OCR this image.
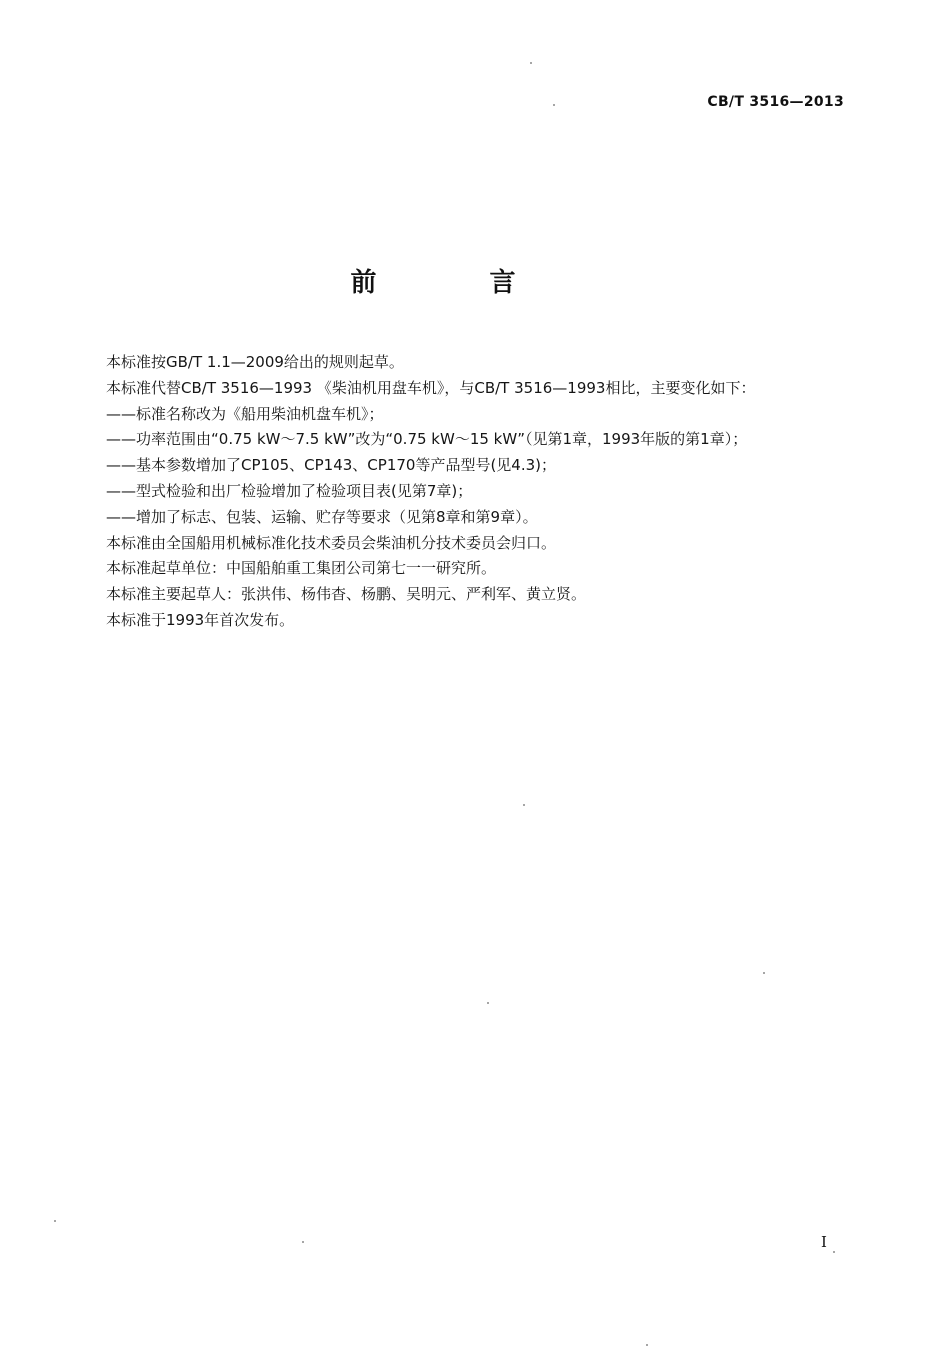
CB/T 3516—2013
前 言
本标准按GB/T 1.1—2009给出的规则起草。
本标准代替CB/T 3516—1993 《柴油机用盘车机》，与CB/T 3516—1993相比，主要变化如下：
——标准名称改为《船用柴油机盘车机》；
——功率范围由“0.75 kW～7.5 kW”改为“0.75 kW～15 kW”（见第1章，1993年版的第1章）；
——基本参数增加了CP105、CP143、CP170等产品型号(见4.3)；
——型式检验和出厂检验增加了检验项目表(见第7章)；
——增加了标志、包装、运输、贮存等要求（见第8章和第9章）。
本标准由全国船用机械标准化技术委员会柴油机分技术委员会归口。
本标准起草单位：中国船舶重工集团公司第七一一研究所。
本标准主要起草人：张洪伟、杨伟杳、杨鹏、吴明元、严利军、黄立贤。
本标准于1993年首次发布。
I
